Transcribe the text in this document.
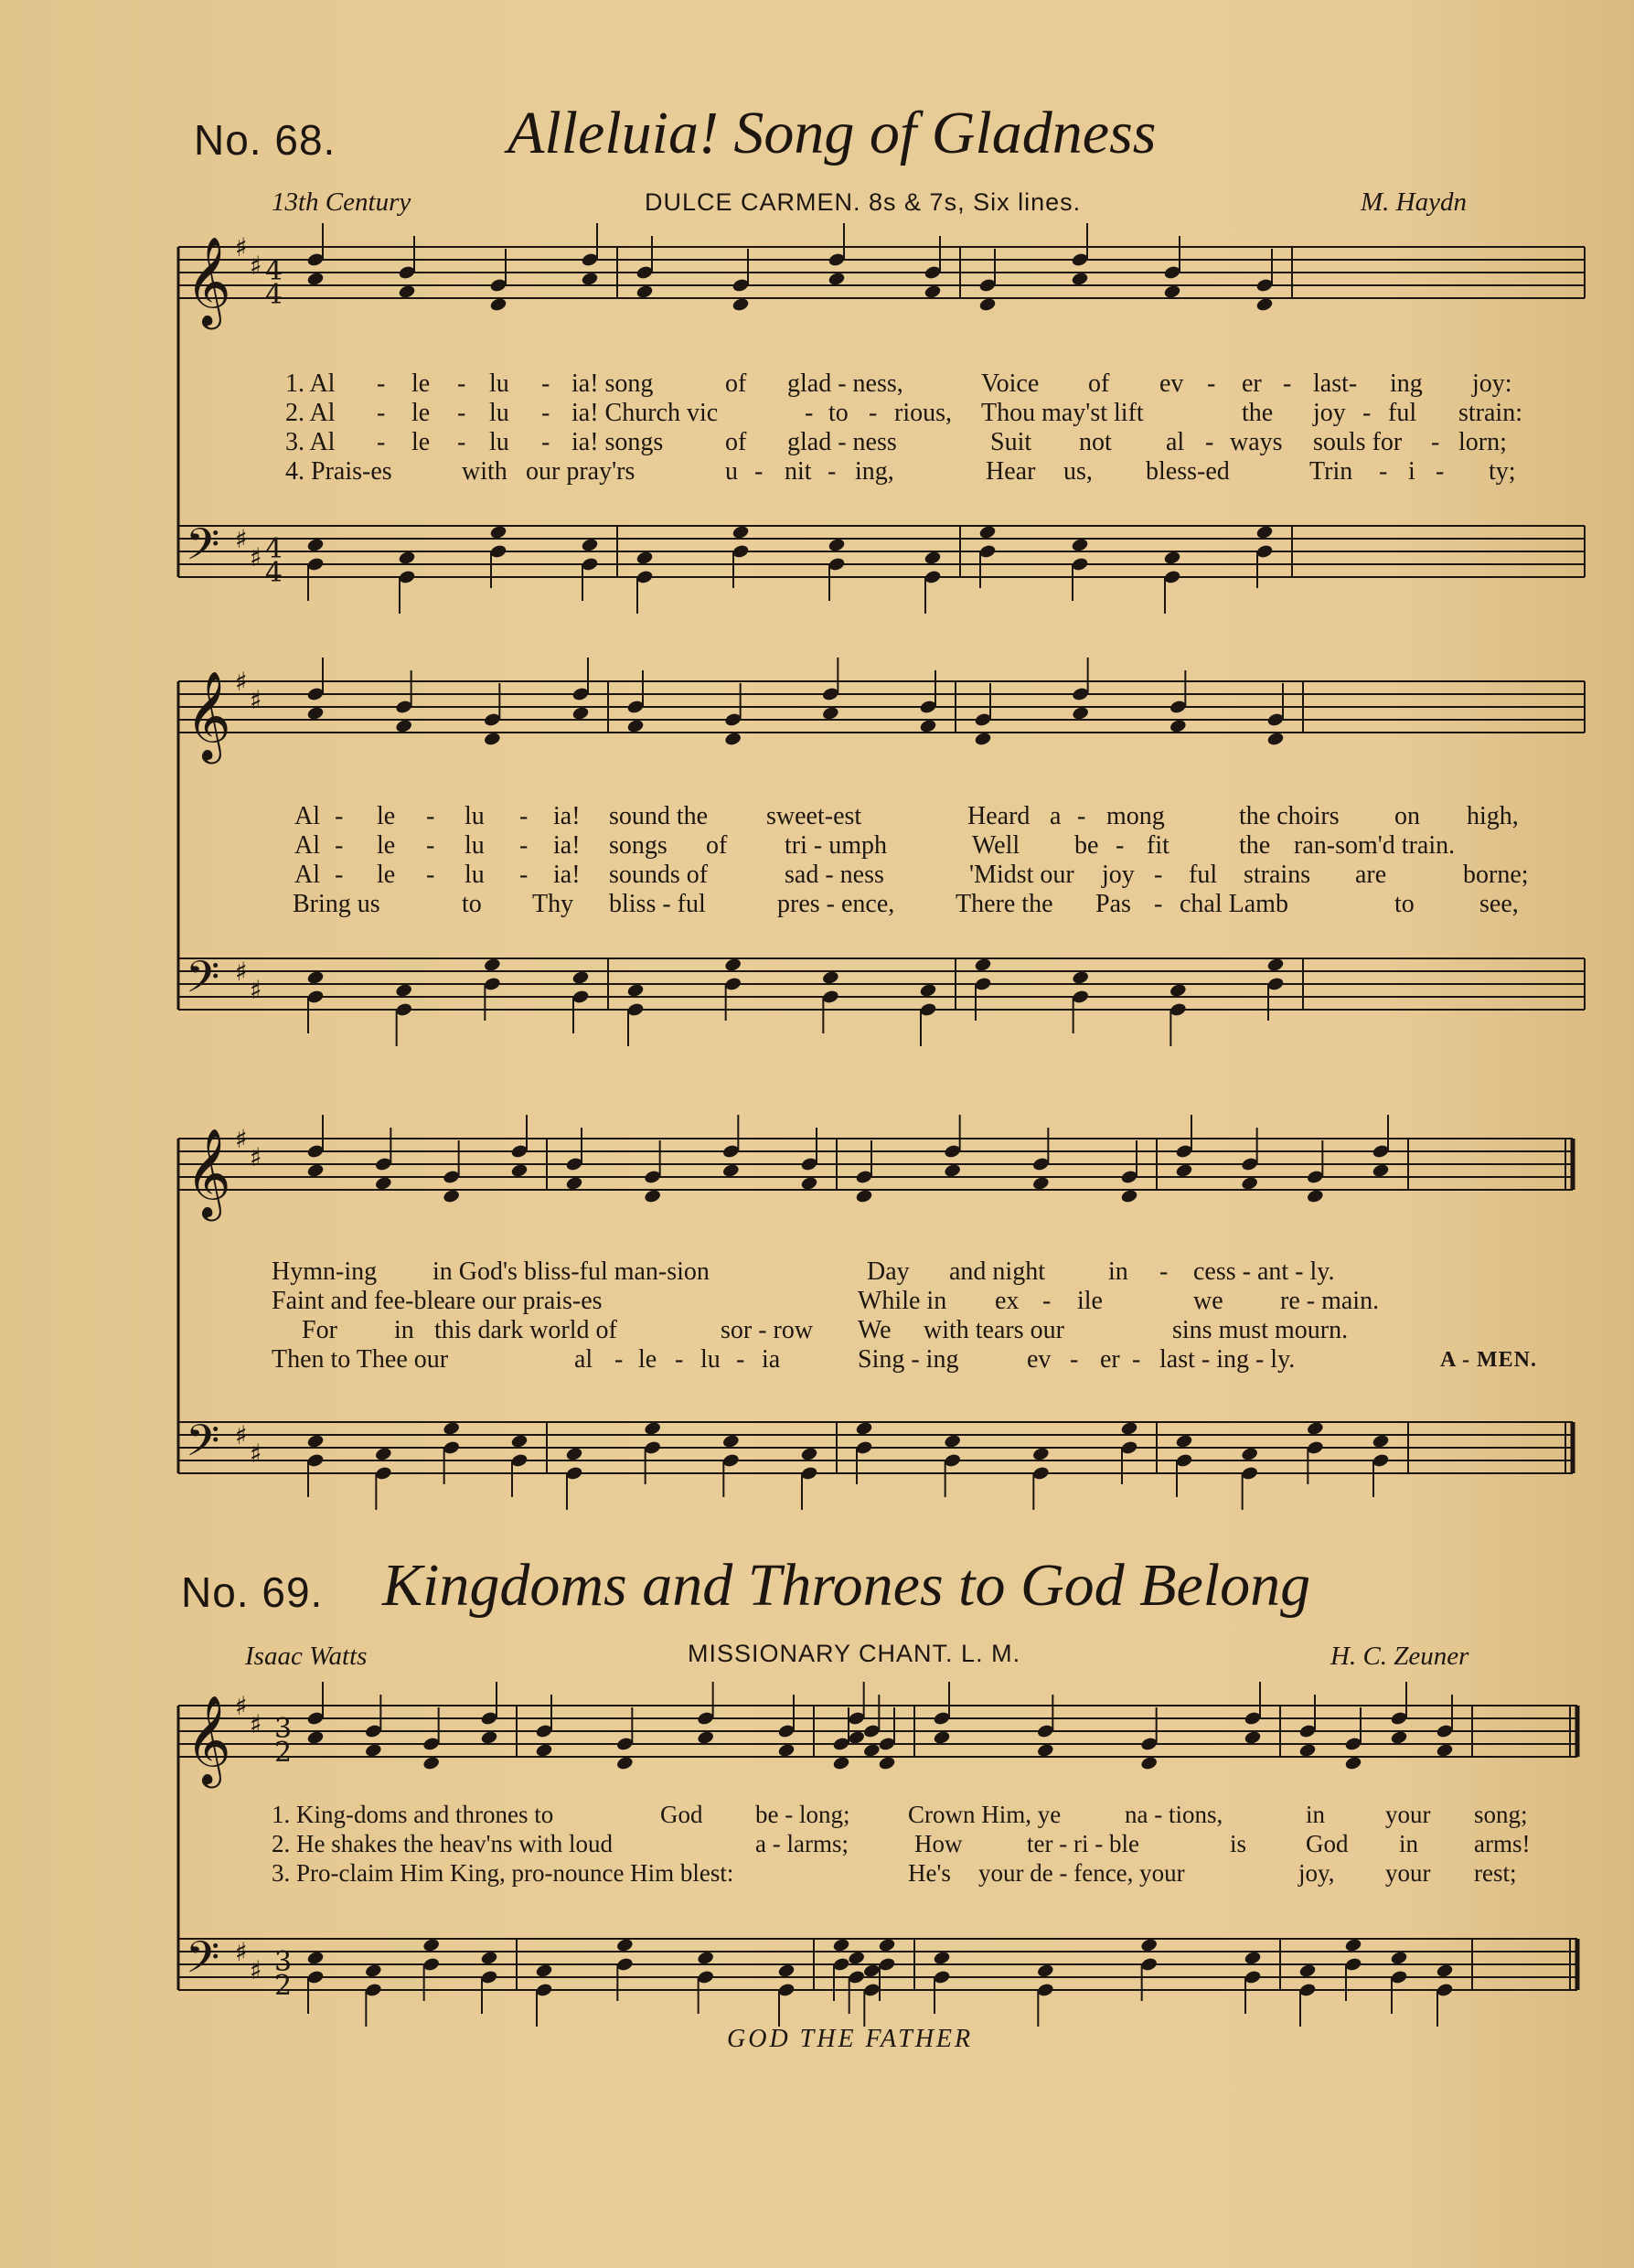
No. 68.	Alleluia! Song of Gladness
13th Century	DULCE CARMEN. 8s & 7s, Six lines.	M. Haydn
𝄞
𝄢
♯
♯
♯
♯
𝄞
𝄢
♯
♯
♯
♯
𝄞
𝄢
♯
♯
♯
♯
𝄞
𝄢
♯
♯
♯
♯
4
4
4
4
3
2
3
2
1. Al - le - lu - ia! song	of glad - ness,	Voice of ev - er - last- ing joy:
2. Al - le - lu - ia! Church vic	- to - rious, Thou may'st lift	the joy - ful strain:
3. Al - le - lu - ia! songs of glad - ness	Suit not al - ways souls for - lorn;
4. Prais-es	with our pray'rs	u - nit - ing,	Hear us, bless-ed	Trin - i - ty;
Al - le - lu - ia! sound the sweet-est	Heard a - mong	the choirs on high,
Al - le - lu - ia! songs of tri - umph	Well be - fit	the ran-som'd train.
Al - le - lu - ia! sounds of	sad - ness	'Midst our joy - ful strains are	borne;
Bring us	to Thy bliss - ful	pres - ence, There the Pas - chal Lamb	to	see,
Hymn-ing in God's bliss-ful man-sion	Day and night in - cess - ant - ly.
Faint and fee-ble are our prais-es	While in ex - ile	we re - main.
For in this dark world of	sor - row We with tears our	sins must mourn.
Then to Thee our	al - le - lu - ia	Sing - ing	ev - er - last - ing - ly.	A - MEN.
No. 69. Kingdoms and Thrones to God Belong
Isaac Watts	MISSIONARY CHANT. L. M.	H. C. Zeuner
1. King-doms and thrones to	God be - long; Crown Him, ye	na - tions,	in your song;
2. He shakes the heav'ns with loud	a - larms;	How	ter - ri - ble	is God in arms!
3. Pro-claim Him King, pro-nounce Him blest:	He's your de - fence, your	joy, your rest;
GOD THE FATHER
